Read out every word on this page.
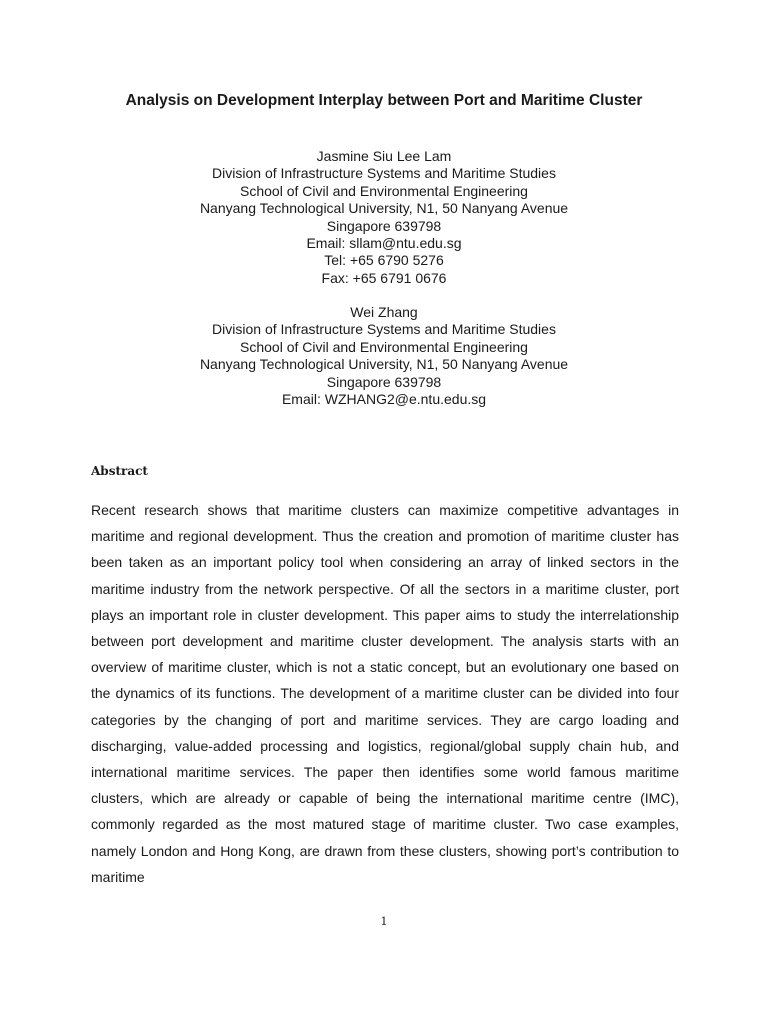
Analysis on Development Interplay between Port and Maritime Cluster
Jasmine Siu Lee Lam
Division of Infrastructure Systems and Maritime Studies
School of Civil and Environmental Engineering
Nanyang Technological University, N1, 50 Nanyang Avenue
Singapore 639798
Email: sllam@ntu.edu.sg
Tel: +65 6790 5276
Fax: +65 6791 0676
Wei Zhang
Division of Infrastructure Systems and Maritime Studies
School of Civil and Environmental Engineering
Nanyang Technological University, N1, 50 Nanyang Avenue
Singapore 639798
Email: WZHANG2@e.ntu.edu.sg
Abstract

Recent research shows that maritime clusters can maximize competitive advantages in maritime and regional development. Thus the creation and promotion of maritime cluster has been taken as an important policy tool when considering an array of linked sectors in the maritime industry from the network perspective. Of all the sectors in a maritime cluster, port plays an important role in cluster development. This paper aims to study the interrelationship between port development and maritime cluster development. The analysis starts with an overview of maritime cluster, which is not a static concept, but an evolutionary one based on the dynamics of its functions. The development of a maritime cluster can be divided into four categories by the changing of port and maritime services. They are cargo loading and discharging, value-added processing and logistics, regional/global supply chain hub, and international maritime services. The paper then identifies some world famous maritime clusters, which are already or capable of being the international maritime centre (IMC), commonly regarded as the most matured stage of maritime cluster. Two case examples, namely London and Hong Kong, are drawn from these clusters, showing port’s contribution to maritime

1
